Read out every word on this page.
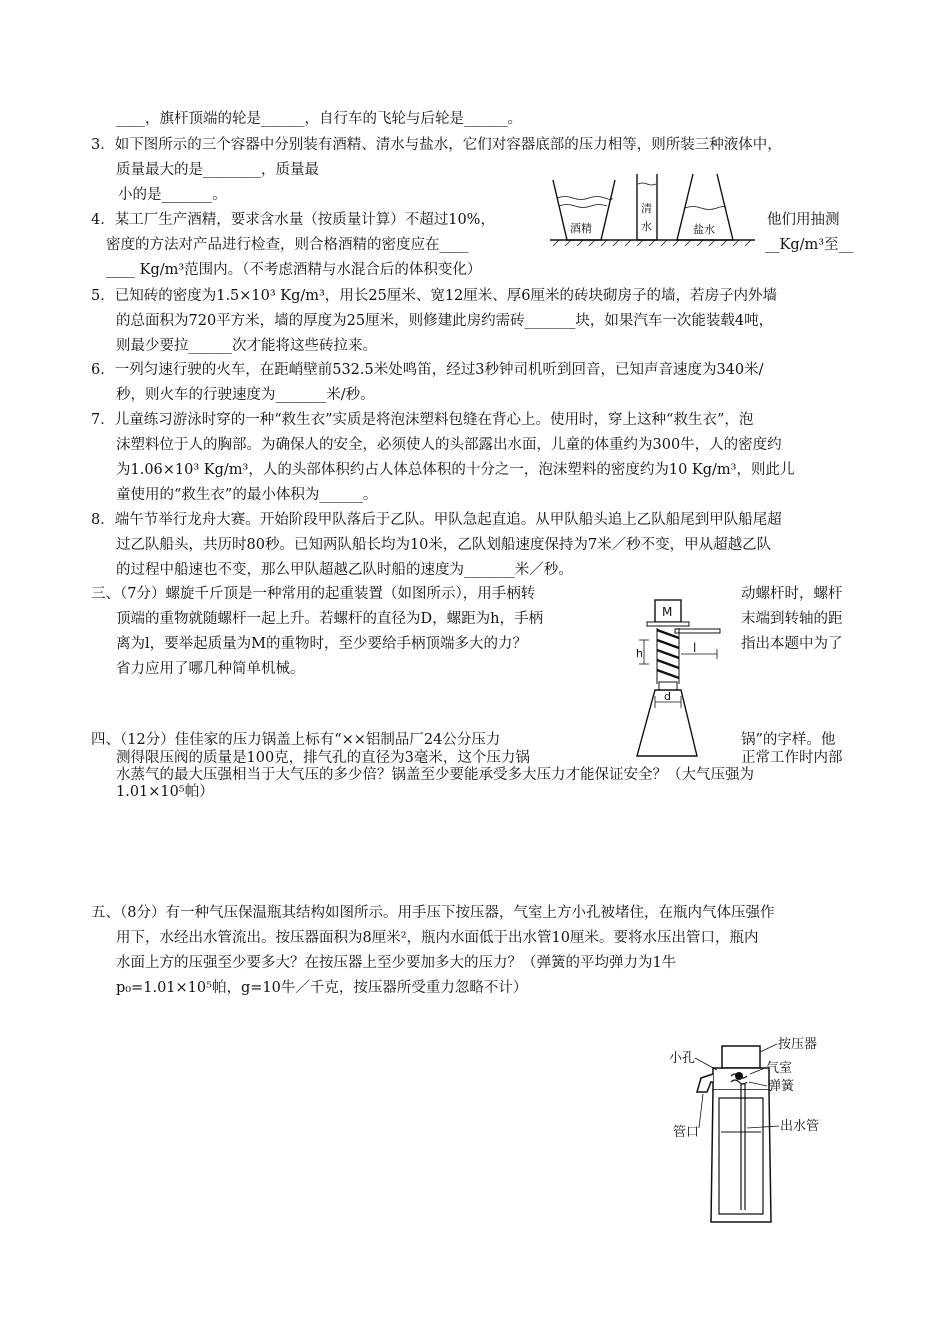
____，旗杆顶端的轮是______，自行车的飞轮与后轮是______。
3．如下图所示的三个容器中分别装有酒精、清水与盐水，它们对容器底部的压力相等，则所装三种液体中，
质量最大的是________，质量最
小的是_______。
4．某工厂生产酒精，要求含水量（按质量计算）不超过10%，	他们用抽测
密度的方法对产品进行检查，则合格酒精的密度应在____	__Kg/m³至__
____ Kg/m³范围内。（不考虑酒精与水混合后的体积变化）
5．已知砖的密度为1.5×10³ Kg/m³，用长25厘米、宽12厘米、厚6厘米的砖块砌房子的墙，若房子内外墙
的总面积为720平方米，墙的厚度为25厘米，则修建此房约需砖_______块，如果汽车一次能装载4吨，
则最少要拉______次才能将这些砖拉来。
6．一列匀速行驶的火车，在距峭壁前532.5米处鸣笛，经过3秒钟司机听到回音，已知声音速度为340米/
秒，则火车的行驶速度为_______米/秒。
7．儿童练习游泳时穿的一种“救生衣”实质是将泡沫塑料包缝在背心上。使用时，穿上这种“救生衣”，泡
沫塑料位于人的胸部。为确保人的安全，必须使人的头部露出水面，儿童的体重约为300牛，人的密度约
为1.06×10³ Kg/m³，人的头部体积约占人体总体积的十分之一，泡沫塑料的密度约为10 Kg/m³，则此儿
童使用的“救生衣”的最小体积为______。
8．端午节举行龙舟大赛。开始阶段甲队落后于乙队。甲队急起直追。从甲队船头追上乙队船尾到甲队船尾超
过乙队船头，共历时80秒。已知两队船长均为10米，乙队划船速度保持为7米／秒不变，甲从超越乙队
的过程中船速也不变，那么甲队超越乙队时船的速度为_______米／秒。
三、（7分）螺旋千斤顶是一种常用的起重装置（如图所示），用手柄转	动螺杆时，螺杆
顶端的重物就随螺杆一起上升。若螺杆的直径为D，螺距为h，手柄	末端到转轴的距
离为l，要举起质量为M的重物时，至少要给手柄顶端多大的力？	指出本题中为了
省力应用了哪几种简单机械。
四、（12分）佳佳家的压力锅盖上标有“××铝制品厂24公分压力	锅”的字样。他
测得限压阀的质量是100克，排气孔的直径为3毫米，这个压力锅	正常工作时内部
水蒸气的最大压强相当于大气压的多少倍？锅盖至少要能承受多大压力才能保证安全？（大气压强为
1.01×10⁵帕）
五、（8分）有一种气压保温瓶其结构如图所示。用手压下按压器，气室上方小孔被堵住，在瓶内气体压强作
用下，水经出水管流出。按压器面积为8厘米²，瓶内水面低于出水管10厘米。要将水压出管口，瓶内
水面上方的压强至少要多大？在按压器上至少要加多大的压力？（弹簧的平均弹力为1牛
p₀=1.01×10⁵帕，g=10牛／千克，按压器所受重力忽略不计）
酒精
清
水	盐水
M
h	l
d
按压器
小孔
气室
弹簧
管口	出水管
